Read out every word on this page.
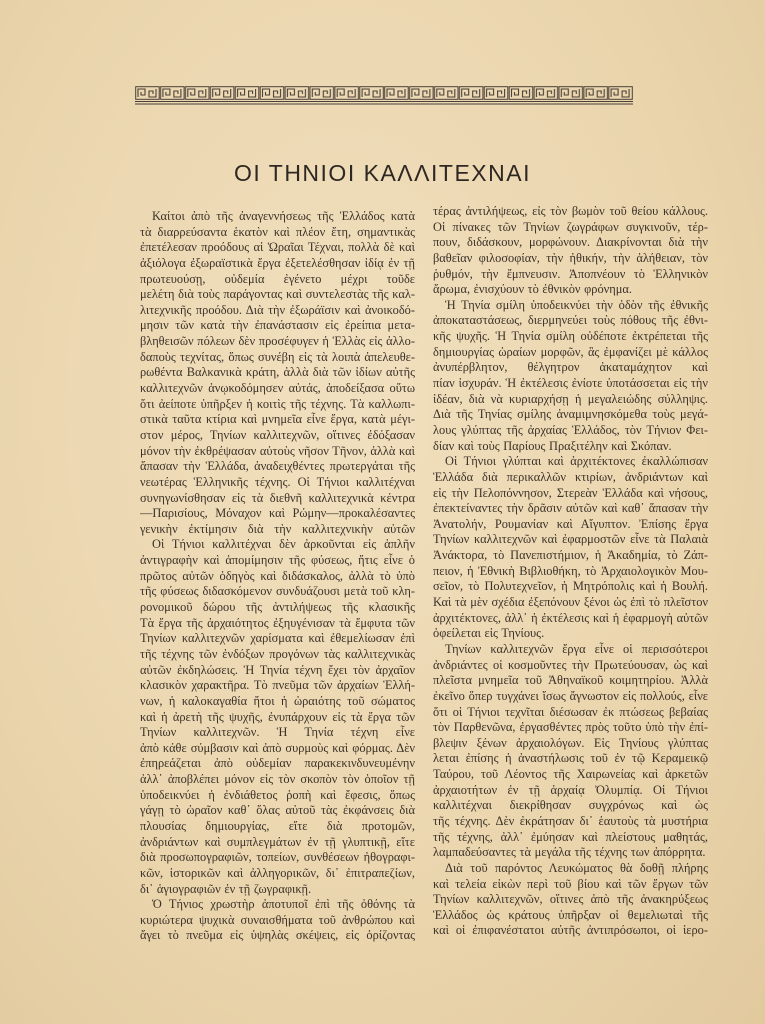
ΟΙ ΤΗΝΙΟΙ ΚΑΛΛΙΤΕΧΝΑΙ
Καίτοι ἀπὸ τῆς ἀναγεννήσεως τῆς Ἑλλάδος κατὰ
τὰ διαρρεύσαντα ἑκατὸν καὶ πλέον ἔτη, σημαντικὰς
ἐπετέλεσαν προόδους αἱ Ὡραῖαι Τέχναι, πολλὰ δὲ καὶ
ἀξιόλογα ἐξωραϊστικὰ ἔργα ἐξετελέσθησαν ἰδίᾳ ἐν τῇ
πρωτευούσῃ, οὐδεμία ἐγένετο μέχρι τοῦδε
μελέτη διὰ τοὺς παράγοντας καὶ συντελεστὰς τῆς καλ-
λιτεχνικῆς προόδου. Διὰ τὴν ἐξωράϊσιν καὶ ἀνοικοδό-
μησιν τῶν κατὰ τὴν ἐπανάστασιν εἰς ἐρείπια μετα-
βληθεισῶν πόλεων δὲν προσέφυγεν ἡ Ἑλλὰς εἰς ἀλλο-
δαποὺς τεχνίτας, ὅπως συνέβη εἰς τὰ λοιπὰ ἀπελευθε-
ρωθέντα Βαλκανικὰ κράτη, ἀλλὰ διὰ τῶν ἰδίων αὐτῆς
καλλιτεχνῶν ἀνῳκοδόμησεν αὐτάς, ἀποδείξασα οὕτω
ὅτι ἀείποτε ὑπῆρξεν ἡ κοιτὶς τῆς τέχνης. Τὰ καλλωπι-
στικὰ ταῦτα κτίρια καὶ μνημεῖα εἶνε ἔργα, κατὰ μέγι-
στον μέρος, Τηνίων καλλιτεχνῶν, οἵτινες ἐδόξασαν
μόνον τὴν ἐκθρέψασαν αὐτοὺς νῆσον Τῆνον, ἀλλὰ καὶ
ἅπασαν τὴν Ἑλλάδα, ἀναδειχθέντες πρωτεργάται τῆς
νεωτέρας Ἑλληνικῆς τέχνης. Οἱ Τήνιοι καλλιτέχναι
συνηγωνίσθησαν εἰς τὰ διεθνῆ καλλιτεχνικὰ κέντρα
—Παρισίους, Μόναχον καὶ Ρώμην—προκαλέσαντες
γενικὴν ἐκτίμησιν διὰ τὴν καλλιτεχνικὴν αὐτῶν
Οἱ Τήνιοι καλλιτέχναι δὲν ἀρκοῦνται εἰς ἁπλῆν
ἀντιγραφὴν καὶ ἀπομίμησιν τῆς φύσεως, ἥτις εἶνε ὁ
πρῶτος αὐτῶν ὁδηγὸς καὶ διδάσκαλος, ἀλλὰ τὸ ὑπὸ
τῆς φύσεως διδασκόμενον συνδυάζουσι μετὰ τοῦ κλη-
ρονομικοῦ δώρου τῆς ἀντιλήψεως τῆς κλασικῆς
Τὰ ἔργα τῆς ἀρχαιότητος ἐξηυγένισαν τὰ ἔμφυτα τῶν
Τηνίων καλλιτεχνῶν χαρίσματα καὶ ἐθεμελίωσαν ἐπὶ
τῆς τέχνης τῶν ἐνδόξων προγόνων τὰς καλλιτεχνικὰς
αὐτῶν ἐκδηλώσεις. Ἡ Τηνία τέχνη ἔχει τὸν ἀρχαῖον
κλασικὸν χαρακτῆρα. Τὸ πνεῦμα τῶν ἀρχαίων Ἑλλή-
νων, ἡ καλοκαγαθία ἤτοι ἡ ὡραιότης τοῦ σώματος
καὶ ἡ ἀρετὴ τῆς ψυχῆς, ἐνυπάρχουν εἰς τὰ ἔργα τῶν
Τηνίων καλλιτεχνῶν. Ἡ Τηνία τέχνη εἶνε
ἀπὸ κάθε σύμβασιν καὶ ἀπὸ συρμοὺς καὶ φόρμας. Δὲν
ἐπηρεάζεται ἀπὸ οὐδεμίαν παρακεκινδυνευμένην
ἀλλ᾽ ἀποβλέπει μόνον εἰς τὸν σκοπὸν τὸν ὁποῖον τῇ
ὑποδεικνύει ἡ ἐνδιάθετος ῥοπὴ καὶ ἔφεσις, ὅπως
γάγῃ τὸ ὡραῖον καθ᾽ ὅλας αὐτοῦ τὰς ἐκφάνσεις διὰ
πλουσίας δημιουργίας, εἴτε διὰ προτομῶν,
ἀνδριάντων καὶ συμπλεγμάτων ἐν τῇ γλυπτικῇ, εἴτε
διὰ προσωπογραφιῶν, τοπείων, συνθέσεων ἠθογραφι-
κῶν, ἱστορικῶν καὶ ἀλληγορικῶν, δι᾽ ἐπιτραπεζίων,
δι᾽ ἁγιογραφιῶν ἐν τῇ ζωγραφικῇ.
Ὁ Τήνιος χρωστὴρ ἀποτυποῖ ἐπὶ τῆς ὀθόνης τὰ
κυριώτερα ψυχικὰ συναισθήματα τοῦ ἀνθρώπου καὶ
ἄγει τὸ πνεῦμα εἰς ὑψηλὰς σκέψεις, εἰς ὁρίζοντας
τέρας ἀντιλήψεως, εἰς τὸν βωμὸν τοῦ θείου κάλλους.
Οἱ πίνακες τῶν Τηνίων ζωγράφων συγκινοῦν, τέρ-
πουν, διδάσκουν, μορφώνουν. Διακρίνονται διὰ τὴν
βαθεῖαν φιλοσοφίαν, τὴν ἠθικήν, τὴν ἀλήθειαν, τὸν
ῥυθμόν, τὴν ἔμπνευσιν. Ἀποπνέουν τὸ Ἑλληνικὸν
ἄρωμα, ἐνισχύουν τὸ ἐθνικὸν φρόνημα.
Ἡ Τηνία σμίλη ὑποδεικνύει τὴν ὁδὸν τῆς ἐθνικῆς
ἀποκαταστάσεως, διερμηνεύει τοὺς πόθους τῆς ἐθνι-
κῆς ψυχῆς. Ἡ Τηνία σμίλη οὐδέποτε ἐκτρέπεται τῆς
δημιουργίας ὡραίων μορφῶν, ἃς ἐμφανίζει μὲ κάλλος
ἀνυπέρβλητον, θέλγητρον ἀκαταμάχητον καὶ
πίαν ἰσχυράν. Ἡ ἐκτέλεσις ἐνίοτε ὑποτάσσεται εἰς τὴν
ἰδέαν, διὰ νὰ κυριαρχήσῃ ἡ μεγαλειώδης σύλληψις.
Διὰ τῆς Τηνίας σμίλης ἀναμιμνησκόμεθα τοὺς μεγά-
λους γλύπτας τῆς ἀρχαίας Ἑλλάδος, τὸν Τήνιον Φει-
δίαν καὶ τοὺς Παρίους Πραξιτέλην καὶ Σκόπαν.
Οἱ Τήνιοι γλύπται καὶ ἀρχιτέκτονες ἐκαλλώπισαν
Ἑλλάδα διὰ περικαλλῶν κτιρίων, ἀνδριάντων καὶ
εἰς τὴν Πελοπόννησον, Στερεὰν Ἑλλάδα καὶ νήσους,
ἐπεκτείναντες τὴν δρᾶσιν αὐτῶν καὶ καθ᾽ ἅπασαν τὴν
Ἀνατολήν, Ρουμανίαν καὶ Αἴγυπτον. Ἐπίσης ἔργα
Τηνίων καλλιτεχνῶν καὶ ἐφαρμοστῶν εἶνε τὰ Παλαιὰ
Ἀνάκτορα, τὸ Πανεπιστήμιον, ἡ Ἀκαδημία, τὸ Ζάπ-
πειον, ἡ Ἐθνικὴ Βιβλιοθήκη, τὸ Ἀρχαιολογικὸν Μου-
σεῖον, τὸ Πολυτεχνεῖον, ἡ Μητρόπολις καὶ ἡ Βουλή.
Καὶ τὰ μὲν σχέδια ἐξεπόνουν ξένοι ὡς ἐπὶ τὸ πλεῖστον
ἀρχιτέκτονες, ἀλλ᾽ ἡ ἐκτέλεσις καὶ ἡ ἐφαρμογὴ αὐτῶν
ὀφείλεται εἰς Τηνίους.
Τηνίων καλλιτεχνῶν ἔργα εἶνε οἱ περισσότεροι
ἀνδριάντες οἱ κοσμοῦντες τὴν Πρωτεύουσαν, ὡς καὶ
πλεῖστα μνημεῖα τοῦ Ἀθηναϊκοῦ κοιμητηρίου. Ἀλλὰ
ἐκεῖνο ὅπερ τυγχάνει ἴσως ἄγνωστον εἰς πολλούς, εἶνε
ὅτι οἱ Τήνιοι τεχνῖται διέσωσαν ἐκ πτώσεως βεβαίας
τὸν Παρθενῶνα, ἐργασθέντες πρὸς τοῦτο ὑπὸ τὴν ἐπί-
βλεψιν ξένων ἀρχαιολόγων. Εἰς Τηνίους γλύπτας
λεται ἐπίσης ἡ ἀναστήλωσις τοῦ ἐν τῷ Κεραμεικῷ
Ταύρου, τοῦ Λέοντος τῆς Χαιρωνείας καὶ ἀρκετῶν
ἀρχαιοτήτων ἐν τῇ ἀρχαίᾳ Ὀλυμπίᾳ. Οἱ Τήνιοι
καλλιτέχναι διεκρίθησαν συγχρόνως καὶ ὡς
τῆς τέχνης. Δὲν ἐκράτησαν δι᾽ ἑαυτοὺς τὰ μυστήρια
τῆς τέχνης, ἀλλ᾽ ἐμύησαν καὶ πλείστους μαθητάς,
λαμπαδεύσαντες τὰ μεγάλα τῆς τέχνης των ἀπόρρητα.
Διὰ τοῦ παρόντος Λευκώματος θὰ δοθῇ πλήρης
καὶ τελεία εἰκὼν περὶ τοῦ βίου καὶ τῶν ἔργων τῶν
Τηνίων καλλιτεχνῶν, οἵτινες ἀπὸ τῆς ἀνακηρύξεως
Ἑλλάδος ὡς κράτους ὑπῆρξαν οἱ θεμελιωταὶ τῆς
καὶ οἱ ἐπιφανέστατοι αὐτῆς ἀντιπρόσωποι, οἱ ἱερο-
